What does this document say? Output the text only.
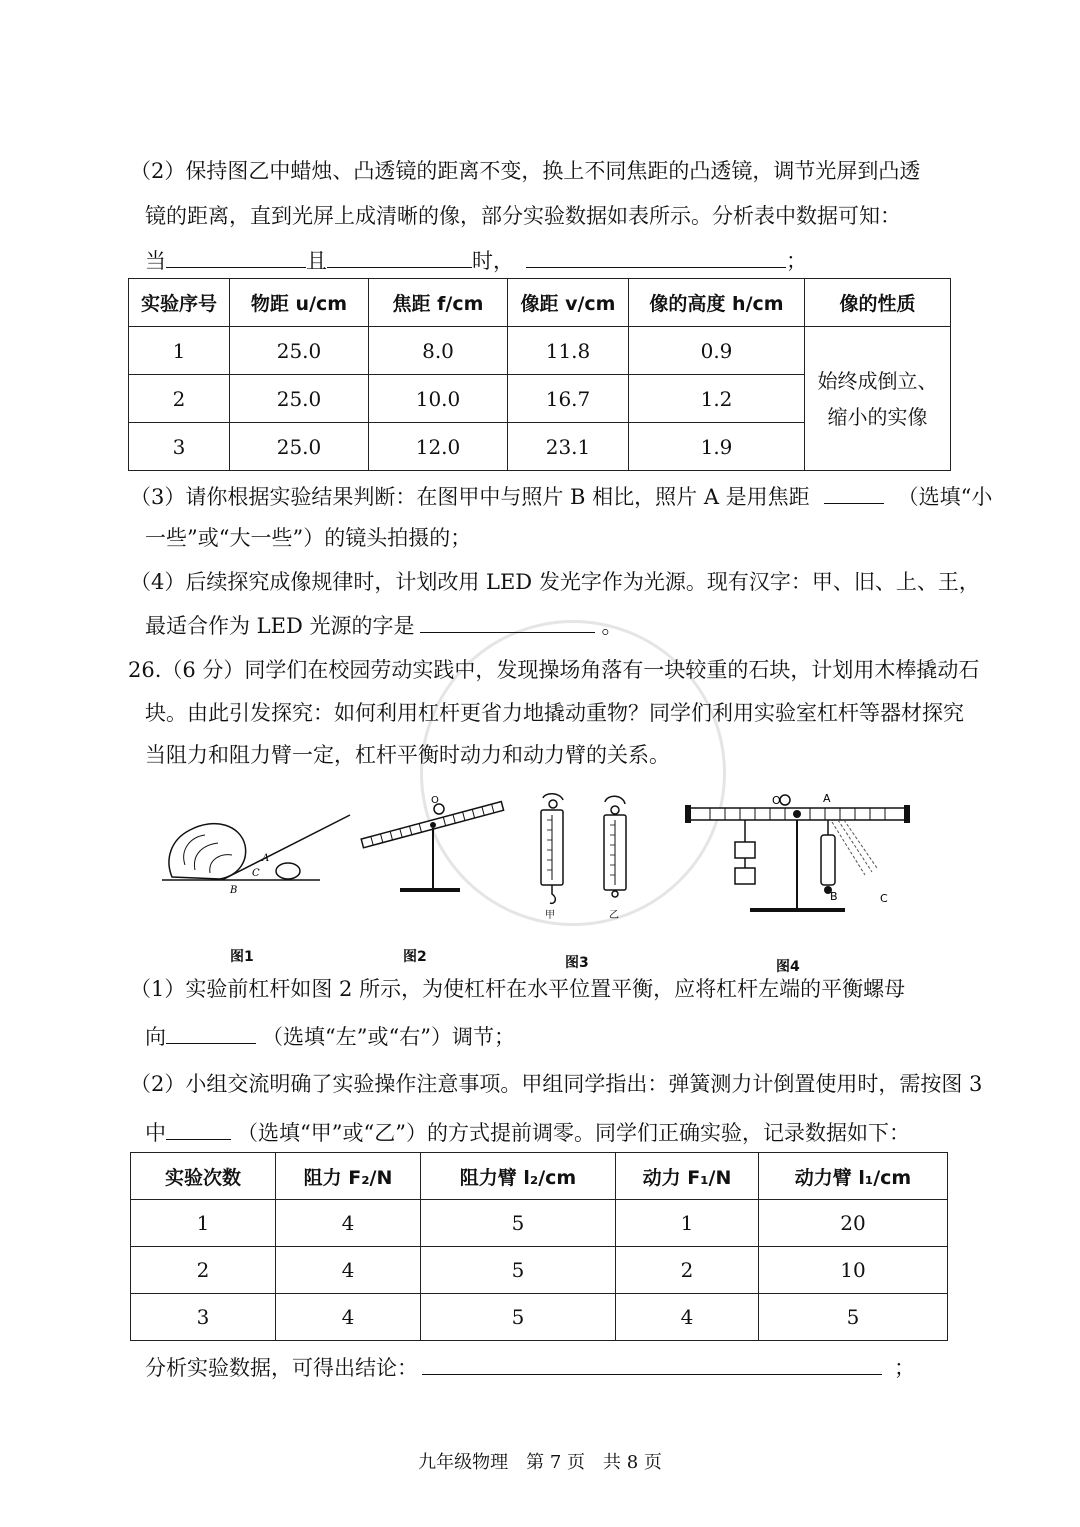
（2）保持图乙中蜡烛、凸透镜的距离不变，换上不同焦距的凸透镜，调节光屏到凸透
镜的距离，直到光屏上成清晰的像，部分实验数据如表所示。分析表中数据可知：
当	且	时，	；
实验序号	物距 u/cm	焦距 f/cm	像距 v/cm	像的高度 h/cm	像的性质
1	25.0	8.0	11.8	0.9	始终成倒立、
缩小的实像

2	25.0	10.0	16.7	1.2	
3	25.0	12.0	23.1	1.9	
（3）请你根据实验结果判断：在图甲中与照片 B 相比，照片 A 是用焦距	（选填“小
一些”或“大一些”）的镜头拍摄的；
（4）后续探究成像规律时，计划改用 LED 发光字作为光源。现有汉字：甲、旧、上、王，
最适合作为 LED 光源的字是	。
26.（6 分）同学们在校园劳动实践中，发现操场角落有一块较重的石块，计划用木棒撬动石
块。由此引发探究：如何利用杠杆更省力地撬动重物？同学们利用实验室杠杆等器材探究
当阻力和阻力臂一定，杠杆平衡时动力和动力臂的关系。
A
C
B
图1
O
图2
甲	乙
图3
O	A
B	C
图4
（1）实验前杠杆如图 2 所示，为使杠杆在水平位置平衡，应将杠杆左端的平衡螺母
向	（选填“左”或“右”）调节；
（2）小组交流明确了实验操作注意事项。甲组同学指出：弹簧测力计倒置使用时，需按图 3
中	（选填“甲”或“乙”）的方式提前调零。同学们正确实验，记录数据如下：
实验次数	阻力 F₂/N	阻力臂 l₂/cm	动力 F₁/N	动力臂 l₁/cm
1	4	5	1	20
2	4	5	2	10
3	4	5	4	5
分析实验数据，可得出结论：	；
九年级物理　第 7 页　共 8 页
